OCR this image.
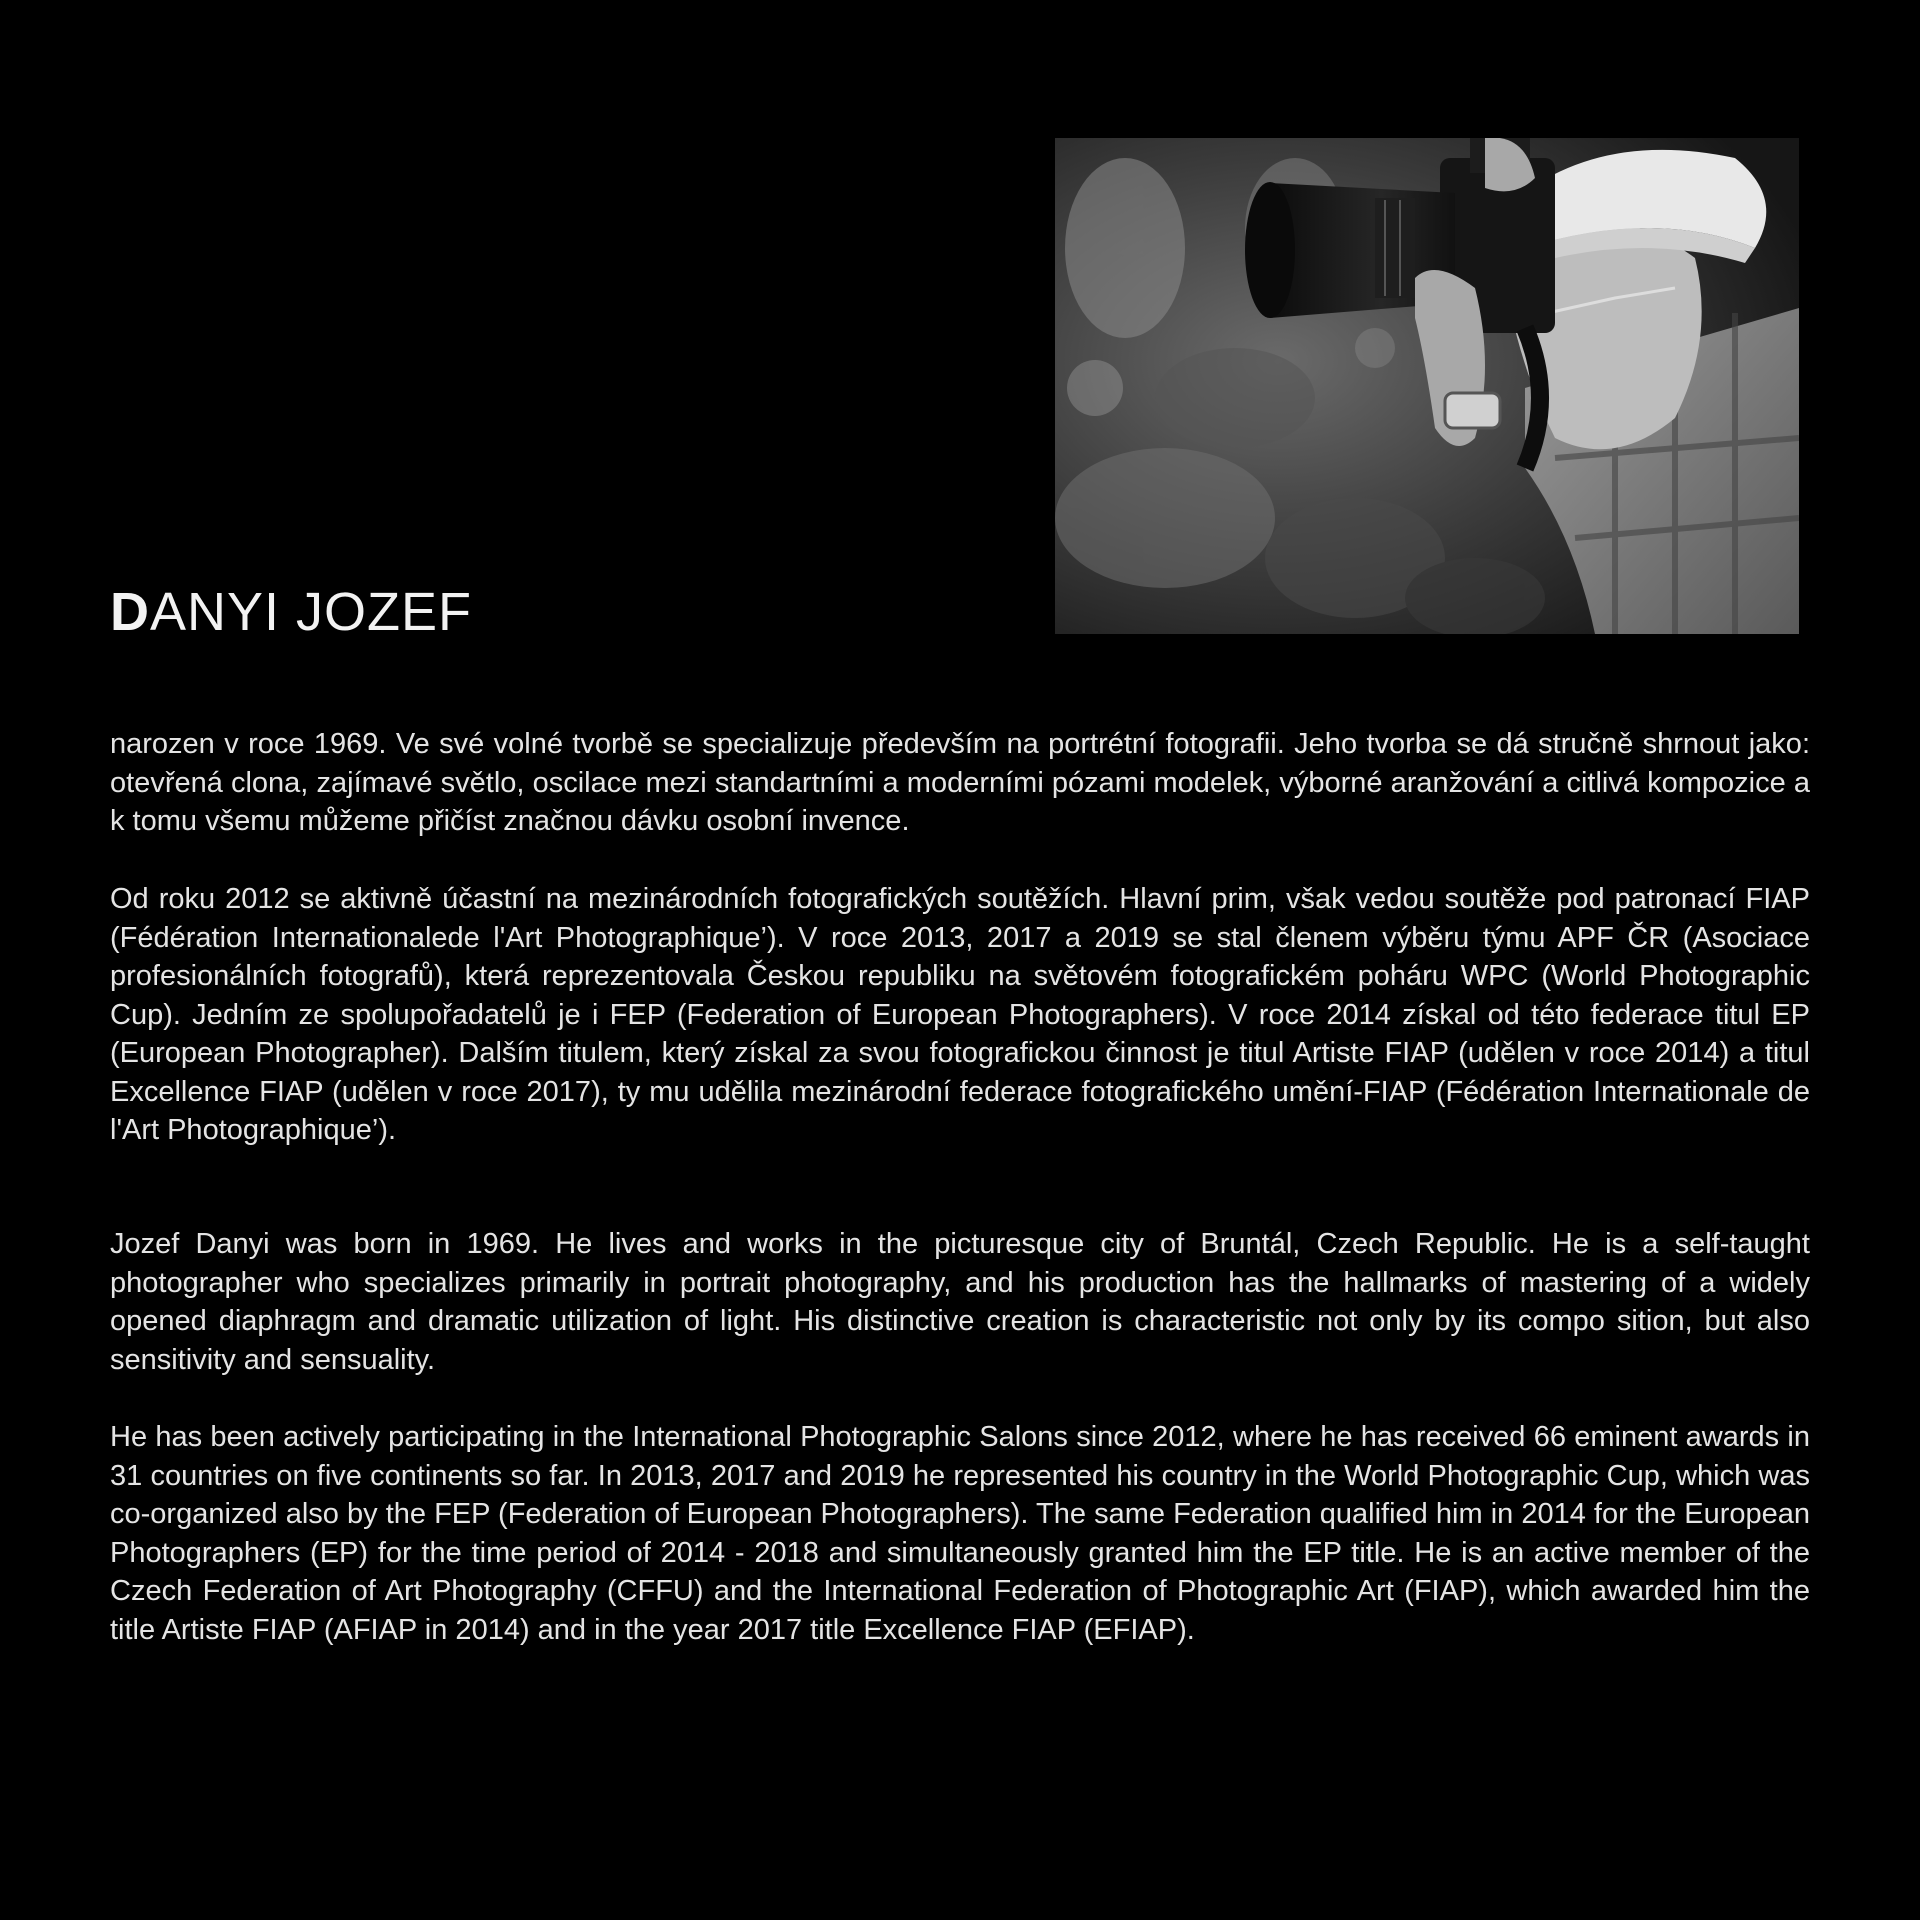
DANYI JOZEF

narozen v roce 1969. Ve své volné tvorbě se specializuje především na portrétní fotografii. Jeho tvorba se dá stručně shrnout jako: otevřená clona, zajímavé světlo, oscilace mezi standartními a moderními pózami modelek, výborné aranžování a citlivá kompozice a k tomu všemu můžeme přičíst značnou dávku osobní invence.

Od roku 2012 se aktivně účastní na mezinárodních fotografických soutěžích. Hlavní prim, však vedou soutěže pod patronací FIAP (Fédération Internationalede l'Art Photographique’). V roce 2013, 2017 a 2019 se stal členem výběru týmu APF ČR (Asociace profesionálních fotografů), která reprezentovala Českou republiku na světovém fotografickém poháru WPC (World Photographic Cup). Jedním ze spolupořadatelů je i FEP (Federation of European Photographers). V roce 2014 získal od této federace titul EP (European Photographer). Dalším titulem, který získal za svou fotografickou činnost je titul Artiste FIAP (udělen v roce 2014) a titul Excellence FIAP (udělen v roce 2017), ty mu udělila mezinárodní federace fotografického umění-FIAP (Fédération Internationale de l'Art Photographique’).

Jozef Danyi was born in 1969. He lives and works in the picturesque city of Bruntál, Czech Republic. He is a self-taught photographer who specializes primarily in portrait photography, and his production has the hallmarks of mastering of a widely opened diaphragm and dramatic utilization of light. His distinctive creation is characteristic not only by its compo sition, but also sensitivity and sensuality.

He has been actively participating in the International Photographic Salons since 2012, where he has received 66 eminent awards in 31 countries on five continents so far. In 2013, 2017 and 2019 he represented his country in the World Photographic Cup, which was co-organized also by the FEP (Federation of European Photographers). The same Federation qualified him in 2014 for the European Photographers (EP) for the time period of 2014 - 2018 and simultaneously granted him the EP title. He is an active member of the Czech Federation of Art Photography (CFFU) and the International Federation of Photographic Art (FIAP), which awarded him the title Artiste FIAP (AFIAP in 2014) and in the year 2017 title Excellence FIAP (EFIAP).
